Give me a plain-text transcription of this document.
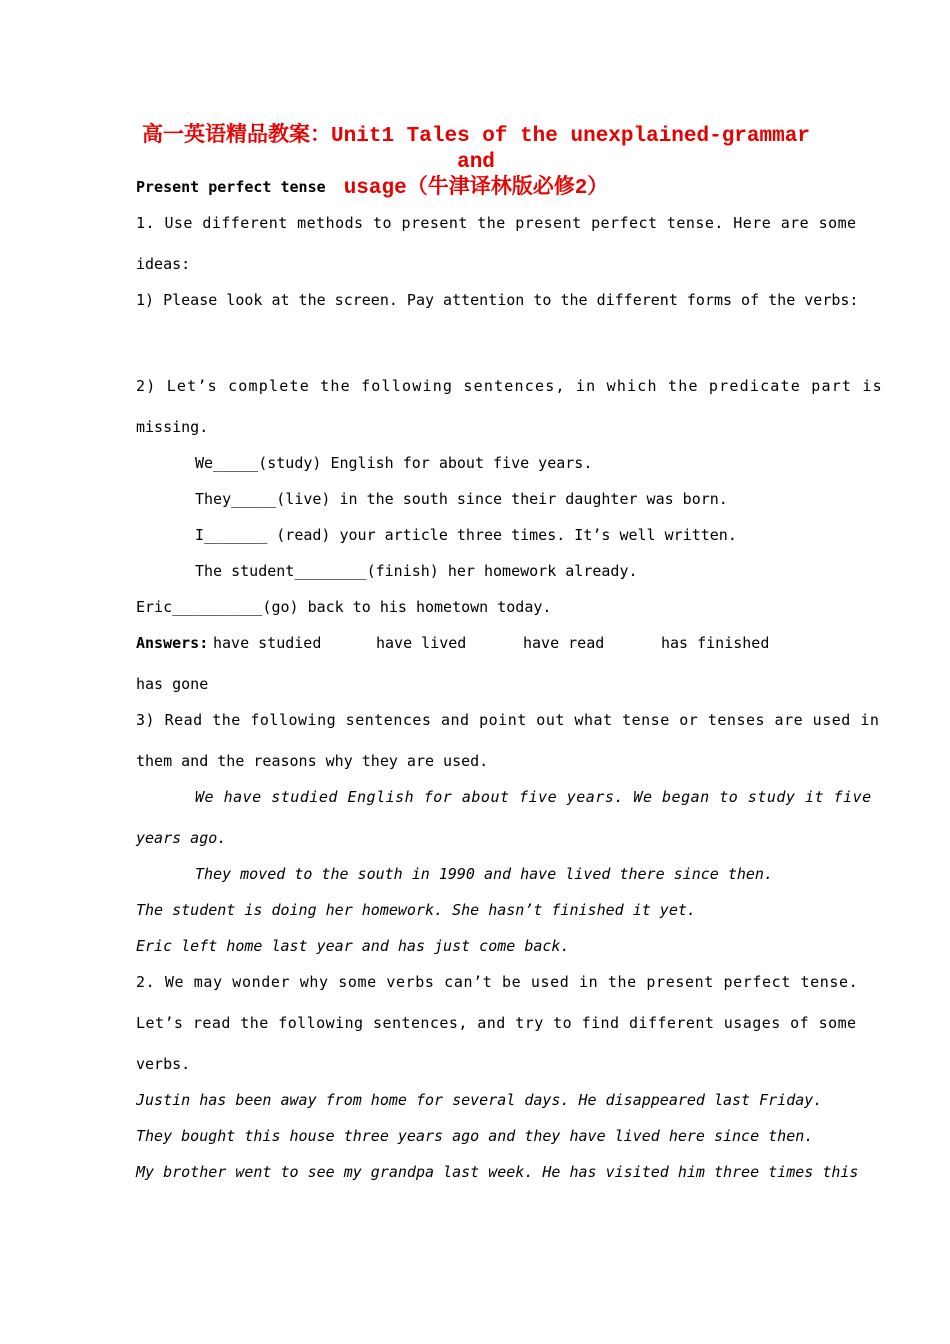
高一英语精品教案：Unit1 Tales of the unexplained-grammar and
usage（牛津译林版必修2）
Present perfect tense
1. Use different methods to present the present perfect tense. Here are some
ideas:
1) Please look at the screen. Pay attention to the different forms of the verbs:
2) Let’s complete the following sentences, in which the predicate part is
missing.
We_____(study) English for about five years.
They_____(live) in the south since their daughter was born.
I_______ (read) your article three times. It’s well written.
The student________(finish) her homework already.
Eric__________(go) back to his hometown today.
Answers: have studied	have lived	have read	has finished
has gone
3) Read the following sentences and point out what tense or tenses are used in
them and the reasons why they are used.
We have studied English for about five years. We began to study it five
years ago.
They moved to the south in 1990 and have lived there since then.
The student is doing her homework. She hasn’t finished it yet.
Eric left home last year and has just come back.
2. We may wonder why some verbs can’t be used in the present perfect tense.
Let’s read the following sentences, and try to find different usages of some
verbs.
Justin has been away from home for several days. He disappeared last Friday.
They bought this house three years ago and they have lived here since then.
My brother went to see my grandpa last week. He has visited him three times this
